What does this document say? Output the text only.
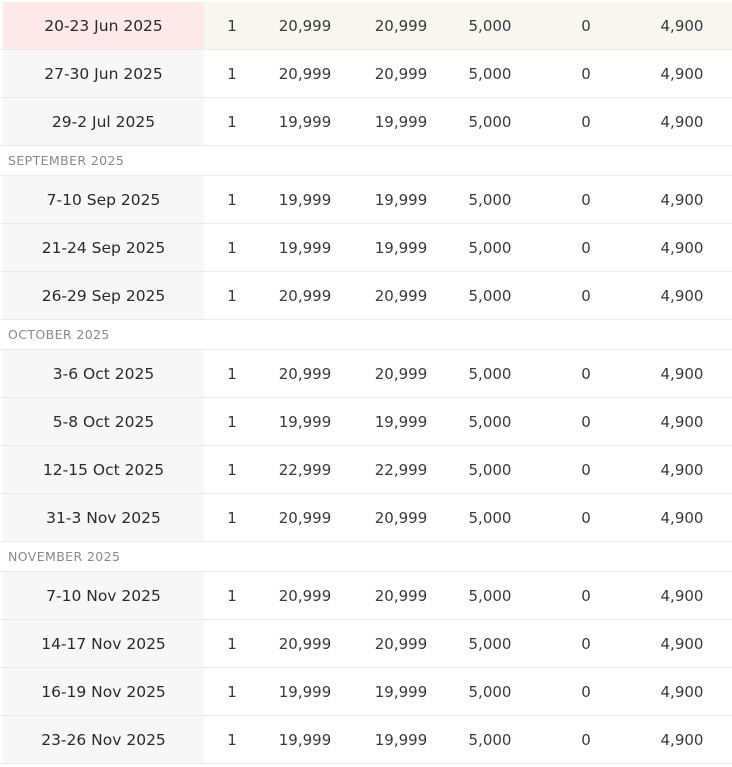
20-23 Jun 2025	1	20,999	20,999	5,000	0	4,900
27-30 Jun 2025	1	20,999	20,999	5,000	0	4,900
29-2 Jul 2025	1	19,999	19,999	5,000	0	4,900
SEPTEMBER 2025
7-10 Sep 2025	1	19,999	19,999	5,000	0	4,900
21-24 Sep 2025	1	19,999	19,999	5,000	0	4,900
26-29 Sep 2025	1	20,999	20,999	5,000	0	4,900
OCTOBER 2025
3-6 Oct 2025	1	20,999	20,999	5,000	0	4,900
5-8 Oct 2025	1	19,999	19,999	5,000	0	4,900
12-15 Oct 2025	1	22,999	22,999	5,000	0	4,900
31-3 Nov 2025	1	20,999	20,999	5,000	0	4,900
NOVEMBER 2025
7-10 Nov 2025	1	20,999	20,999	5,000	0	4,900
14-17 Nov 2025	1	20,999	20,999	5,000	0	4,900
16-19 Nov 2025	1	19,999	19,999	5,000	0	4,900
23-26 Nov 2025	1	19,999	19,999	5,000	0	4,900
